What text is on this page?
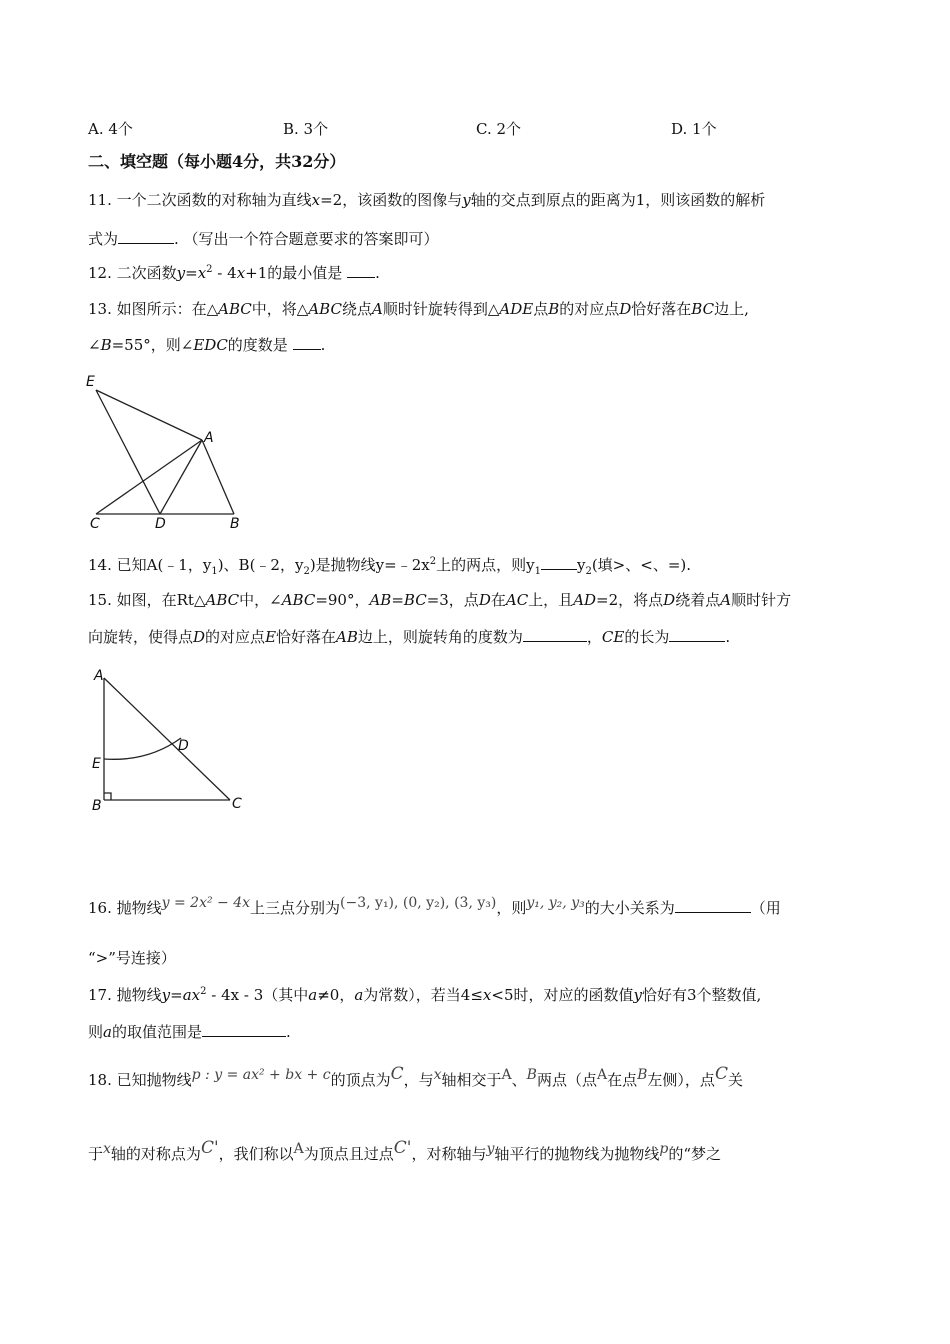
A. 4个	B. 3个	C. 2个	D. 1个
二、填空题（每小题4分，共32分）
11. 一个二次函数的对称轴为直线x=2，该函数的图像与y轴的交点到原点的距离为1，则该函数的解析
式为	. （写出一个符合题意要求的答案即可）
12. 二次函数$y=x^2 - 4x+1$的最小值是 .
13. 如图所示：在△ABC中，将△ABC绕点A顺时针旋转得到△ADE点B的对应点D恰好落在BC边上,
∠B=55°，则∠EDC的度数是 .
E
A
C	D	B
14. 已知A(﹣1，$y_1$)、B(﹣2，$y_2$)是抛物线$y=﹣2x^2$上的两点，则$y_1$ $y_2$(填>、<、=).
15. 如图，在Rt△ABC中，∠ABC=90°，AB=BC=3，点D在AC上，且AD=2，将点D绕着点A顺时针方
向旋转，使得点D的对应点E恰好落在AB边上，则旋转角的度数为	，CE的长为	.
A
D
E
B	C
16. 抛物线y = 2x² − 4x上三点分别为(−3, y₁), (0, y₂), (3, y₃)，则y₁, y₂, y₃的大小关系为	（用
“>”号连接）
17. 抛物线$y=ax^2 - 4x - 3$（其中a≠0，a为常数），若当4≤x<5时，对应的函数值y恰好有3个整数值,
则a的取值范围是	.
18. 已知抛物线p : y = ax² + bx + c的顶点为C，与x轴相交于A、B两点（点A在点B左侧），点C关
于x轴的对称点为C'，我们称以A为顶点且过点C'，对称轴与y轴平行的抛物线为抛物线p的“梦之
